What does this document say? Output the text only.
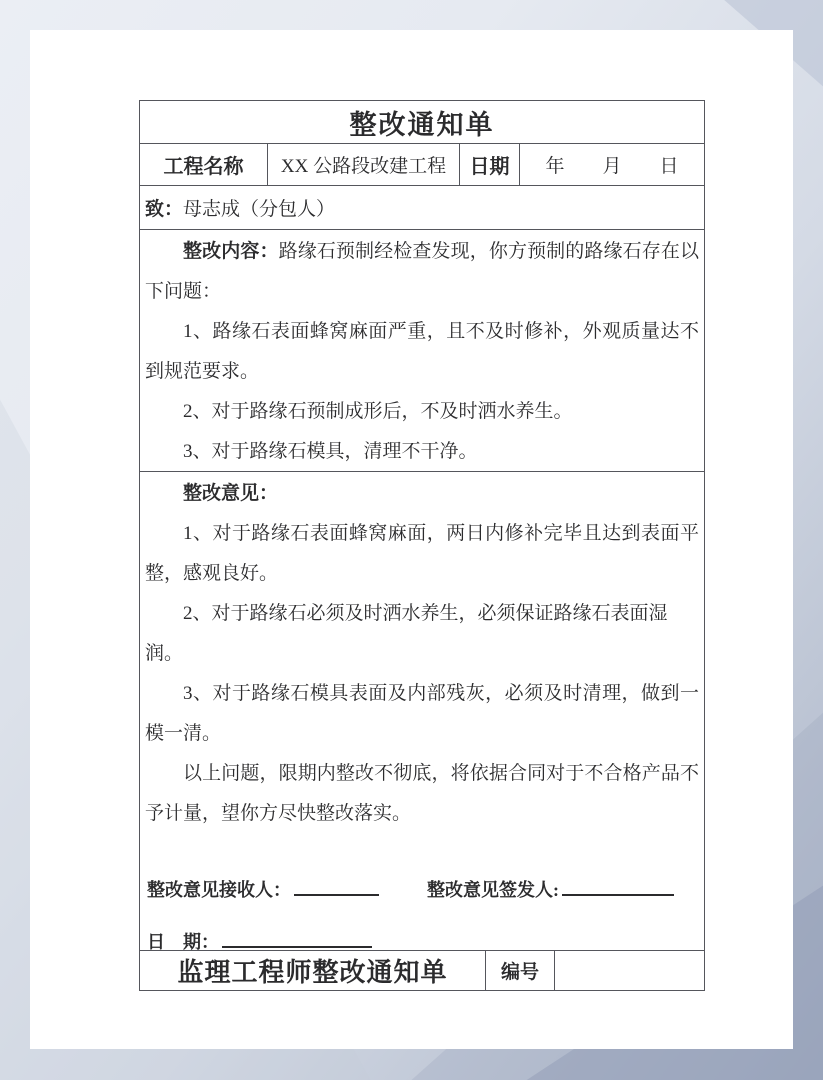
整改通知单
工程名称	XX 公路段改建工程	日期	年　　月　　日
致： 母志成（分包人）

整改内容：路缘石预制经检查发现，你方预制的路缘石存在以下问题：

1、路缘石表面蜂窝麻面严重，且不及时修补，外观质量达不到规范要求。

2、对于路缘石预制成形后，不及时洒水养生。

3、对于路缘石模具，清理不干净。

整改意见：

1、对于路缘石表面蜂窝麻面，两日内修补完毕且达到表面平整，感观良好。

2、对于路缘石必须及时洒水养生，必须保证路缘石表面湿润。

3、对于路缘石模具表面及内部残灰，必须及时清理，做到一模一清。

以上问题，限期内整改不彻底，将依据合同对于不合格产品不予计量，望你方尽快整改落实。

整改意见接收人：	整改意见签发人:
日　期：
监理工程师整改通知单	编号
